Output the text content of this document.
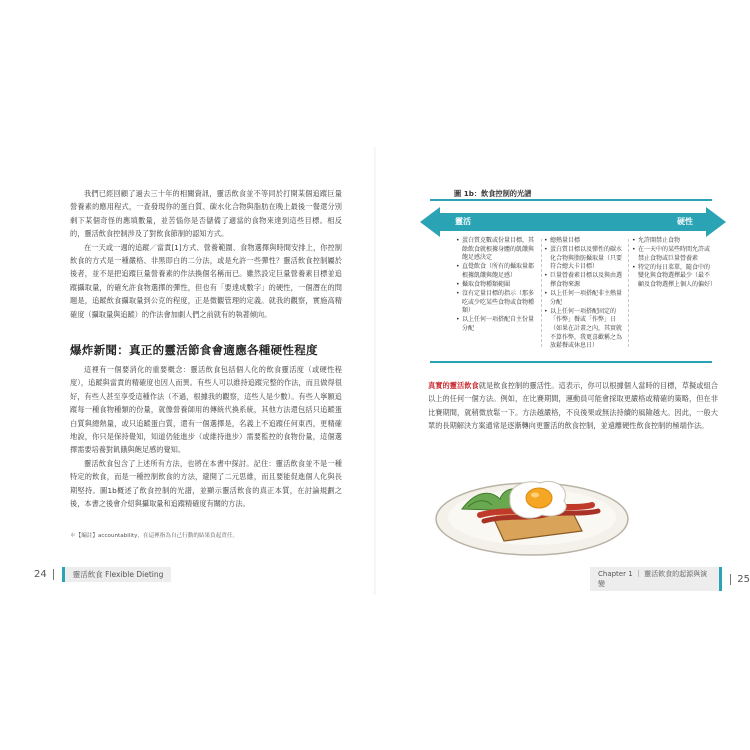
我們已經回顧了過去三十年的相關資訊，靈活飲食並不等同於打開某個追蹤巨量營養素的應用程式，一查發現你的蛋白質、碳水化合物與脂肪在晚上最後一餐還分別剩下某個奇怪的應填數量，並苦惱你是否儲備了適當的食物來達到這些目標。相反的，靈活飲食控制涉及了對飲食節制的認知方式。

在一天或一週的追蹤／當責[1]方式、營養範圍、食物選擇與時間安排上，你控制飲食的方式是一種嚴格、非黑即白的二分法，或是允許一些彈性？靈活飲食控制屬於後者，並不是把追蹤巨量營養素的作法換個名稱而已。雖然設定巨量營養素目標並追蹤攝取量，的確允許食物選擇的彈性，但也有「要達成數字」的硬性，一個潛在的問題是，追蹤飲食攝取量到公克的程度，正是微觀管理的定義。就我的觀察，實施高精確度（攝取量與追蹤）的作法會加劇人們之前就有的執著傾向。

爆炸新聞：真正的靈活節食會適應各種硬性程度

這裡有一個要消化的重要概念：靈活飲食包括個人化的飲食靈活度（或硬性程度），追蹤與當責的精確度也因人而異。有些人可以維持追蹤完整的作法，而且做得很好，有些人甚至享受這種作法（不過，根據我的觀察，這些人是少數）。有些人寧願追蹤每一種食物種類的份量，就像營養師用的傳統代換系統，其他方法還包括只追蹤蛋白質與總熱量，或只追蹤蛋白質，還有一個選擇是，名義上不追蹤任何東西，更精確地說，你只是保持覺知，知道仍能進步（或維持進步）需要監控的食物份量，這個選擇需要培養對飢餓與飽足感的覺知。

靈活飲食包含了上述所有方法，也將在本書中探討。記住：靈活飲食並不是一種特定的飲食，而是一種控制飲食的方法，避開了二元思維，而且要能促進個人化與長期堅持。圖1b概述了飲食控制的光譜，並顯示靈活飲食的真正本質，在討論規劃之後，本書之後會介紹與攝取量和追蹤精確度有關的方法。

＊【編註】accountability，在這裡指為自己行動的結果負起責任。
24	靈活飲食 Flexible Dieting
圖 1b：飲食控制的光譜
靈活	硬性
• 蛋白質克數或份量目標，其餘飲食就根據身體的飢餓與飽足感決定
• 直覺飲食（所有的攝取量都根據飢餓與飽足感）
• 攝取食物種類範圍
• 沒有定量目標的指示（那多吃或少吃某些食物或食物種類）
• 以上任何一項搭配自主份量分配
• 總熱量目標
• 蛋白質目標以及彈性的碳水化合物與脂肪攝取量（只要符合總大卡目標）
• 巨量營養素目標以及與由選擇食物來源
• 以上任何一項搭配非主熱量分配
• 以上任何一項搭配固定的「作弊」餐或「作弊」日（如果在計畫之內，其實就不算作弊，我更喜歡稱之為放鬆餐或休息日）
• 允許開禁止食物
• 在一天中的某些時間允許或禁止食物或巨量營養素
• 特定的每日菜單，隨食中的變化與食物選擇最少（最不顧及食物選擇上個人的偏好）
真實的靈活飲食就是飲食控制的靈活性。這表示，你可以根據個人當時的目標，草擬或組合以上的任何一個方法。例如，在比賽期間，運動員可能會採取更嚴格或精確的策略，但在非比賽期間，就稍微放鬆一下。方法越嚴格，不良後果或無法持續的風險越大。因此，一般大眾的長期解決方案通常是逐漸轉向更靈活的飲食控制，並遠離硬性飲食控制的極端作法。
Chapter 1 ｜ 靈活飲食的起源與演變	25
